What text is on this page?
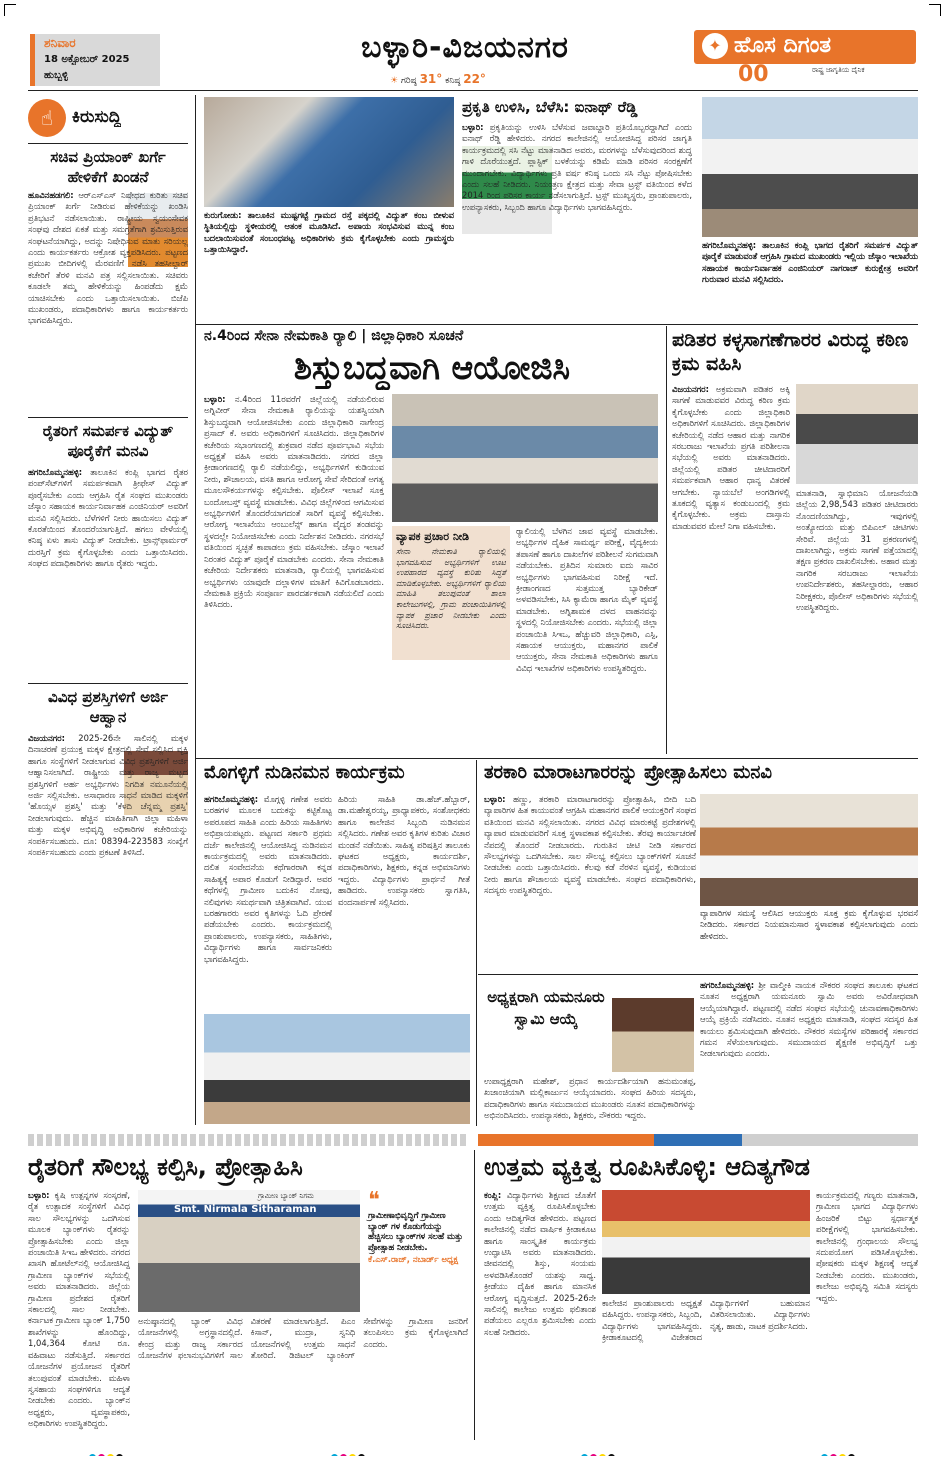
ಶನಿವಾರ
18 ಅಕ್ಟೋಬರ್ 2025
ಹುಬ್ಬಳ್ಳಿ
ಬಳ್ಳಾರಿ-ವಿಜಯನಗರ
☀ ಗರಿಷ್ಠ 31° ಕನಿಷ್ಠ 22°
✦ ಹೊಸ ದಿಗಂತ
ರಾಷ್ಟ್ರ ಜಾಗೃತಿಯ ದೈನಿಕ
00
☝	ಕಿರುಸುದ್ದಿ
ಸಚಿವ ಪ್ರಿಯಾಂಕ್ ಖರ್ಗೆ ಹೇಳಿಕೆಗೆ ಖಂಡನೆ
ಹೂವಿನಹಡಗಲಿ: ಆರ್‌ಎಸ್‌ಎಸ್ ನಿಷೇಧದ ಕುರಿತು ಸಚಿವ ಪ್ರಿಯಾಂಕ್ ಖರ್ಗೆ ನೀಡಿರುವ ಹೇಳಿಕೆಯನ್ನು ಖಂಡಿಸಿ ಪ್ರತಿಭಟನೆ ನಡೆಸಲಾಯಿತು. ರಾಷ್ಟ್ರೀಯ ಸ್ವಯಂಸೇವಕ ಸಂಘವು ದೇಶದ ಏಕತೆ ಮತ್ತು ಸಮಗ್ರತೆಗಾಗಿ ಶ್ರಮಿಸುತ್ತಿರುವ ಸಂಘಟನೆಯಾಗಿದ್ದು, ಅದನ್ನು ನಿಷೇಧಿಸುವ ಮಾತು ಸರಿಯಲ್ಲ ಎಂದು ಕಾರ್ಯಕರ್ತರು ಆಕ್ರೋಶ ವ್ಯಕ್ತಪಡಿಸಿದರು. ಪಟ್ಟಣದ ಪ್ರಮುಖ ಬೀದಿಗಳಲ್ಲಿ ಮೆರವಣಿಗೆ ನಡೆಸಿ ತಹಸೀಲ್ದಾರ್ ಕಚೇರಿಗೆ ತೆರಳಿ ಮನವಿ ಪತ್ರ ಸಲ್ಲಿಸಲಾಯಿತು. ಸಚಿವರು ಕೂಡಲೇ ತಮ್ಮ ಹೇಳಿಕೆಯನ್ನು ಹಿಂಪಡೆದು ಕ್ಷಮೆ ಯಾಚಿಸಬೇಕು ಎಂದು ಒತ್ತಾಯಿಸಲಾಯಿತು. ಬಿಜೆಪಿ ಮುಖಂಡರು, ಪದಾಧಿಕಾರಿಗಳು ಹಾಗೂ ಕಾರ್ಯಕರ್ತರು ಭಾಗವಹಿಸಿದ್ದರು.
ರೈತರಿಗೆ ಸಮರ್ಪಕ ವಿದ್ಯುತ್ ಪೂರೈಕೆಗೆ ಮನವಿ
ಹಗರಿಬೊಮ್ಮನಹಳ್ಳಿ: ತಾಲೂಕಿನ ಕಂಪ್ಲಿ ಭಾಗದ ರೈತರ ಪಂಪ್‌ಸೆಟ್‌ಗಳಿಗೆ ಸಮರ್ಪಕವಾಗಿ ತ್ರೀಫೇಸ್ ವಿದ್ಯುತ್ ಪೂರೈಸಬೇಕು ಎಂದು ಆಗ್ರಹಿಸಿ ರೈತ ಸಂಘದ ಮುಖಂಡರು ಜೆಸ್ಕಾಂ ಸಹಾಯಕ ಕಾರ್ಯನಿರ್ವಾಹಕ ಎಂಜಿನಿಯರ್ ಅವರಿಗೆ ಮನವಿ ಸಲ್ಲಿಸಿದರು. ಬೆಳೆಗಳಿಗೆ ನೀರು ಹಾಯಿಸಲು ವಿದ್ಯುತ್ ಕೊರತೆಯಿಂದ ತೊಂದರೆಯಾಗುತ್ತಿದೆ. ಹಗಲು ವೇಳೆಯಲ್ಲಿ ಕನಿಷ್ಠ ಏಳು ತಾಸು ವಿದ್ಯುತ್ ನೀಡಬೇಕು. ಟ್ರಾನ್ಸ್‌ಫಾರ್ಮರ್ ದುರಸ್ತಿಗೆ ಕ್ರಮ ಕೈಗೊಳ್ಳಬೇಕು ಎಂದು ಒತ್ತಾಯಿಸಿದರು. ಸಂಘದ ಪದಾಧಿಕಾರಿಗಳು ಹಾಗೂ ರೈತರು ಇದ್ದರು.
ವಿವಿಧ ಪ್ರಶಸ್ತಿಗಳಿಗೆ ಅರ್ಜಿ ಆಹ್ವಾನ
ವಿಜಯನಗರ: 2025-26ನೇ ಸಾಲಿನಲ್ಲಿ ಮಕ್ಕಳ ದಿನಾಚರಣೆ ಪ್ರಯುಕ್ತ ಮಕ್ಕಳ ಕ್ಷೇತ್ರದಲ್ಲಿ ಸೇವೆ ಸಲ್ಲಿಸಿದ ವ್ಯಕ್ತಿ ಹಾಗೂ ಸಂಸ್ಥೆಗಳಿಗೆ ನೀಡಲಾಗುವ ವಿವಿಧ ಪ್ರಶಸ್ತಿಗಳಿಗೆ ಅರ್ಜಿ ಆಹ್ವಾನಿಸಲಾಗಿದೆ. ರಾಷ್ಟ್ರೀಯ ಮತ್ತು ರಾಜ್ಯ ಮಟ್ಟದ ಪ್ರಶಸ್ತಿಗಳಿಗೆ ಅರ್ಹ ಅಭ್ಯರ್ಥಿಗಳು ನಿಗದಿತ ನಮೂನೆಯಲ್ಲಿ ಅರ್ಜಿ ಸಲ್ಲಿಸಬೇಕು. ಅಸಾಧಾರಣ ಸಾಧನೆ ಮಾಡಿದ ಮಕ್ಕಳಿಗೆ 'ಹೊಯ್ಸಳ ಪ್ರಶಸ್ತಿ' ಮತ್ತು 'ಕೆಳದಿ ಚೆನ್ನಮ್ಮ ಪ್ರಶಸ್ತಿ' ನೀಡಲಾಗುವುದು. ಹೆಚ್ಚಿನ ಮಾಹಿತಿಗಾಗಿ ಜಿಲ್ಲಾ ಮಹಿಳಾ ಮತ್ತು ಮಕ್ಕಳ ಅಭಿವೃದ್ಧಿ ಅಧಿಕಾರಿಗಳ ಕಚೇರಿಯನ್ನು ಸಂಪರ್ಕಿಸಬಹುದು. ದೂ: 08394-223583 ಸಂಖ್ಯೆಗೆ ಸಂಪರ್ಕಿಸಬಹುದು ಎಂದು ಪ್ರಕಟಣೆ ತಿಳಿಸಿದೆ.
ಕುರುಗೋಡು: ತಾಲೂಕಿನ ಮುಷ್ಟಗಟ್ಟೆ ಗ್ರಾಮದ ರಸ್ತೆ ಪಕ್ಕದಲ್ಲಿ ವಿದ್ಯುತ್ ಕಂಬ ಬೀಳುವ ಸ್ಥಿತಿಯಲ್ಲಿದ್ದು ಸ್ಥಳೀಯರಲ್ಲಿ ಆತಂಕ ಮೂಡಿಸಿದೆ. ಅಪಾಯ ಸಂಭವಿಸುವ ಮುನ್ನ ಕಂಬ ಬದಲಾಯಿಸುವಂತೆ ಸಂಬಂಧಪಟ್ಟ ಅಧಿಕಾರಿಗಳು ಕ್ರಮ ಕೈಗೊಳ್ಳಬೇಕು ಎಂದು ಗ್ರಾಮಸ್ಥರು ಒತ್ತಾಯಿಸಿದ್ದಾರೆ.
ಪ್ರಕೃತಿ ಉಳಿಸಿ, ಬೆಳೆಸಿ: ಐನಾಥ್ ರೆಡ್ಡಿ
ಬಳ್ಳಾರಿ: ಪ್ರಕೃತಿಯನ್ನು ಉಳಿಸಿ ಬೆಳೆಸುವ ಜವಾಬ್ದಾರಿ ಪ್ರತಿಯೊಬ್ಬರದ್ದಾಗಿದೆ ಎಂದು ಐನಾಥ್ ರೆಡ್ಡಿ ಹೇಳಿದರು. ನಗರದ ಕಾಲೇಜಿನಲ್ಲಿ ಆಯೋಜಿಸಿದ್ದ ಪರಿಸರ ಜಾಗೃತಿ ಕಾರ್ಯಕ್ರಮದಲ್ಲಿ ಸಸಿ ನೆಟ್ಟು ಮಾತನಾಡಿದ ಅವರು, ಮರಗಳನ್ನು ಬೆಳೆಸುವುದರಿಂದ ಶುದ್ಧ ಗಾಳಿ ದೊರೆಯುತ್ತದೆ. ಪ್ಲಾಸ್ಟಿಕ್ ಬಳಕೆಯನ್ನು ಕಡಿಮೆ ಮಾಡಿ ಪರಿಸರ ಸಂರಕ್ಷಣೆಗೆ ಮುಂದಾಗಬೇಕು. ವಿದ್ಯಾರ್ಥಿಗಳು ಪ್ರತಿ ವರ್ಷ ಕನಿಷ್ಠ ಒಂದು ಸಸಿ ನೆಟ್ಟು ಪೋಷಿಸಬೇಕು ಎಂದು ಸಲಹೆ ನೀಡಿದರು. ನಿಯಂತ್ರಣ ಕ್ಷೇತ್ರದ ಮತ್ತು ಸೇವಾ ಟ್ರಸ್ಟ್ ವತಿಯಿಂದ ಕಳೆದ 2014 ರಿಂದ ಪರಿಸರ ಕಾರ್ಯ ನಡೆಸಲಾಗುತ್ತಿದೆ. ಟ್ರಸ್ಟ್ ಮುಖ್ಯಸ್ಥರು, ಪ್ರಾಂಶುಪಾಲರು, ಉಪನ್ಯಾಸಕರು, ಸಿಬ್ಬಂದಿ ಹಾಗೂ ವಿದ್ಯಾರ್ಥಿಗಳು ಭಾಗವಹಿಸಿದ್ದರು.
ಹಗರಿಬೊಮ್ಮನಹಳ್ಳಿ: ತಾಲೂಕಿನ ಕಂಪ್ಲಿ ಭಾಗದ ರೈತರಿಗೆ ಸಮರ್ಪಕ ವಿದ್ಯುತ್ ಪೂರೈಕೆ ಮಾಡುವಂತೆ ಆಗ್ರಹಿಸಿ ಗ್ರಾಮದ ಮುಖಂಡರು ಇಲ್ಲಿಯ ಜೆಸ್ಕಾಂ ಇಲಾಖೆಯ ಸಹಾಯಕ ಕಾರ್ಯನಿರ್ವಾಹಕ ಎಂಜಿನಿಯರ್ ನಾಗರಾಜ್ ಕುರುಕ್ಷೇತ್ರ ಅವರಿಗೆ ಗುರುವಾರ ಮನವಿ ಸಲ್ಲಿಸಿದರು.
ನ.4ರಿಂದ ಸೇನಾ ನೇಮಕಾತಿ ರ್‍ಯಾಲಿ | ಜಿಲ್ಲಾಧಿಕಾರಿ ಸೂಚನೆ
ಶಿಸ್ತುಬದ್ಧವಾಗಿ ಆಯೋಜಿಸಿ
ಬಳ್ಳಾರಿ: ನ.4ರಿಂದ 11ರವರೆಗೆ ಜಿಲ್ಲೆಯಲ್ಲಿ ನಡೆಯಲಿರುವ ಅಗ್ನಿವೀರ್ ಸೇನಾ ನೇಮಕಾತಿ ರ್‍ಯಾಲಿಯನ್ನು ಯಶಸ್ವಿಯಾಗಿ ಶಿಸ್ತುಬದ್ಧವಾಗಿ ಆಯೋಜಿಸಬೇಕು ಎಂದು ಜಿಲ್ಲಾಧಿಕಾರಿ ನಾಗೇಂದ್ರ ಪ್ರಸಾದ್ ಕೆ. ಅವರು ಅಧಿಕಾರಿಗಳಿಗೆ ಸೂಚಿಸಿದರು. ಜಿಲ್ಲಾಧಿಕಾರಿಗಳ ಕಚೇರಿಯ ಸಭಾಂಗಣದಲ್ಲಿ ಶುಕ್ರವಾರ ನಡೆದ ಪೂರ್ವಭಾವಿ ಸಭೆಯ ಅಧ್ಯಕ್ಷತೆ ವಹಿಸಿ ಅವರು ಮಾತನಾಡಿದರು. ನಗರದ ಜಿಲ್ಲಾ ಕ್ರೀಡಾಂಗಣದಲ್ಲಿ ರ್‍ಯಾಲಿ ನಡೆಯಲಿದ್ದು, ಅಭ್ಯರ್ಥಿಗಳಿಗೆ ಕುಡಿಯುವ ನೀರು, ಶೌಚಾಲಯ, ವಸತಿ ಹಾಗೂ ಆರೋಗ್ಯ ಸೇವೆ ಸೇರಿದಂತೆ ಅಗತ್ಯ ಮೂಲಸೌಕರ್ಯಗಳನ್ನು ಕಲ್ಪಿಸಬೇಕು. ಪೊಲೀಸ್ ಇಲಾಖೆ ಸೂಕ್ತ ಬಂದೋಬಸ್ತ್ ವ್ಯವಸ್ಥೆ ಮಾಡಬೇಕು. ವಿವಿಧ ಜಿಲ್ಲೆಗಳಿಂದ ಆಗಮಿಸುವ ಅಭ್ಯರ್ಥಿಗಳಿಗೆ ತೊಂದರೆಯಾಗದಂತೆ ಸಾರಿಗೆ ವ್ಯವಸ್ಥೆ ಕಲ್ಪಿಸಬೇಕು. ಆರೋಗ್ಯ ಇಲಾಖೆಯು ಆಂಬುಲೆನ್ಸ್ ಹಾಗೂ ವೈದ್ಯರ ತಂಡವನ್ನು ಸ್ಥಳದಲ್ಲೇ ನಿಯೋಜಿಸಬೇಕು ಎಂದು ನಿರ್ದೇಶನ ನೀಡಿದರು. ನಗರಸಭೆ ವತಿಯಿಂದ ಸ್ವಚ್ಛತೆ ಕಾಪಾಡಲು ಕ್ರಮ ವಹಿಸಬೇಕು. ಜೆಸ್ಕಾಂ ಇಲಾಖೆ ನಿರಂತರ ವಿದ್ಯುತ್ ಪೂರೈಕೆ ಮಾಡಬೇಕು ಎಂದರು. ಸೇನಾ ನೇಮಕಾತಿ ಕಚೇರಿಯ ನಿರ್ದೇಶಕರು ಮಾತನಾಡಿ, ರ್‍ಯಾಲಿಯಲ್ಲಿ ಭಾಗವಹಿಸುವ ಅಭ್ಯರ್ಥಿಗಳು ಯಾವುದೇ ದಲ್ಲಾಳಿಗಳ ಮಾತಿಗೆ ಕಿವಿಗೊಡಬಾರದು. ನೇಮಕಾತಿ ಪ್ರಕ್ರಿಯೆ ಸಂಪೂರ್ಣ ಪಾರದರ್ಶಕವಾಗಿ ನಡೆಯಲಿದೆ ಎಂದು ತಿಳಿಸಿದರು.
ವ್ಯಾಪಕ ಪ್ರಚಾರ ನೀಡಿ
ಸೇನಾ ನೇಮಕಾತಿ ರ್‍ಯಾಲಿಯಲ್ಲಿ ಭಾಗವಹಿಸುವ ಅಭ್ಯರ್ಥಿಗಳಿಗೆ ಊಟ ಉಪಹಾರದ ವ್ಯವಸ್ಥೆ ಕುರಿತು ಸಿದ್ಧತೆ ಮಾಡಿಕೊಳ್ಳಬೇಕು. ಅಭ್ಯರ್ಥಿಗಳಿಗೆ ರ್‍ಯಾಲಿಯ ಮಾಹಿತಿ ತಲುಪುವಂತೆ ಶಾಲಾ ಕಾಲೇಜುಗಳಲ್ಲಿ, ಗ್ರಾಮ ಪಂಚಾಯಿತಿಗಳಲ್ಲಿ ವ್ಯಾಪಕ ಪ್ರಚಾರ ನೀಡಬೇಕು ಎಂದು ಸೂಚಿಸಿದರು.
ರ್‍ಯಾಲಿಯಲ್ಲಿ ಬೆಳಗಿನ ಜಾವ ವ್ಯವಸ್ಥೆ ಮಾಡಬೇಕು. ಅಭ್ಯರ್ಥಿಗಳ ದೈಹಿಕ ಸಾಮರ್ಥ್ಯ ಪರೀಕ್ಷೆ, ವೈದ್ಯಕೀಯ ತಪಾಸಣೆ ಹಾಗೂ ದಾಖಲೆಗಳ ಪರಿಶೀಲನೆ ಸುಗಮವಾಗಿ ನಡೆಯಬೇಕು. ಪ್ರತಿದಿನ ಸುಮಾರು ಐದು ಸಾವಿರ ಅಭ್ಯರ್ಥಿಗಳು ಭಾಗವಹಿಸುವ ನಿರೀಕ್ಷೆ ಇದೆ. ಕ್ರೀಡಾಂಗಣದ ಸುತ್ತಮುತ್ತ ಬ್ಯಾರಿಕೇಡ್ ಅಳವಡಿಸಬೇಕು, ಸಿಸಿ ಕ್ಯಾಮೆರಾ ಹಾಗೂ ಮೈಕ್ ವ್ಯವಸ್ಥೆ ಮಾಡಬೇಕು. ಅಗ್ನಿಶಾಮಕ ದಳದ ವಾಹನವನ್ನು ಸ್ಥಳದಲ್ಲಿ ನಿಯೋಜಿಸಬೇಕು ಎಂದರು. ಸಭೆಯಲ್ಲಿ ಜಿಲ್ಲಾ ಪಂಚಾಯಿತಿ ಸಿಇಒ, ಹೆಚ್ಚುವರಿ ಜಿಲ್ಲಾಧಿಕಾರಿ, ಎಸ್ಪಿ, ಸಹಾಯಕ ಆಯುಕ್ತರು, ಮಹಾನಗರ ಪಾಲಿಕೆ ಆಯುಕ್ತರು, ಸೇನಾ ನೇಮಕಾತಿ ಅಧಿಕಾರಿಗಳು ಹಾಗೂ ವಿವಿಧ ಇಲಾಖೆಗಳ ಅಧಿಕಾರಿಗಳು ಉಪಸ್ಥಿತರಿದ್ದರು.
ಪಡಿತರ ಕಳ್ಳಸಾಗಣೆಗಾರರ ವಿರುದ್ಧ ಕಠಿಣ ಕ್ರಮ ವಹಿಸಿ
ವಿಜಯನಗರ: ಅಕ್ರಮವಾಗಿ ಪಡಿತರ ಅಕ್ಕಿ ಸಾಗಣೆ ಮಾಡುವವರ ವಿರುದ್ಧ ಕಠಿಣ ಕ್ರಮ ಕೈಗೊಳ್ಳಬೇಕು ಎಂದು ಜಿಲ್ಲಾಧಿಕಾರಿ ಅಧಿಕಾರಿಗಳಿಗೆ ಸೂಚಿಸಿದರು. ಜಿಲ್ಲಾಧಿಕಾರಿಗಳ ಕಚೇರಿಯಲ್ಲಿ ನಡೆದ ಆಹಾರ ಮತ್ತು ನಾಗರಿಕ ಸರಬರಾಜು ಇಲಾಖೆಯ ಪ್ರಗತಿ ಪರಿಶೀಲನಾ ಸಭೆಯಲ್ಲಿ ಅವರು ಮಾತನಾಡಿದರು. ಜಿಲ್ಲೆಯಲ್ಲಿ ಪಡಿತರ ಚೀಟಿದಾರರಿಗೆ ಸಮರ್ಪಕವಾಗಿ ಆಹಾರ ಧಾನ್ಯ ವಿತರಣೆ ಆಗಬೇಕು. ನ್ಯಾಯಬೆಲೆ ಅಂಗಡಿಗಳಲ್ಲಿ ತೂಕದಲ್ಲಿ ವ್ಯತ್ಯಾಸ ಕಂಡುಬಂದಲ್ಲಿ ಕ್ರಮ ಕೈಗೊಳ್ಳಬೇಕು. ಅಕ್ರಮ ದಾಸ್ತಾನು ಮಾಡುವವರ ಮೇಲೆ ನಿಗಾ ವಹಿಸಬೇಕು.
ಮಾತನಾಡಿ, ಸ್ವಾಭಿಮಾನಿ ಯೋಜನೆಯಡಿ ಜಿಲ್ಲೆಯ 2,98,543 ಪಡಿತರ ಚೀಟಿದಾರರು ನೊಂದಣಿಯಾಗಿದ್ದು, ಇವುಗಳಲ್ಲಿ ಅಂತ್ಯೋದಯ ಮತ್ತು ಬಿಪಿಎಲ್ ಚೀಟಿಗಳು ಸೇರಿವೆ. ಜಿಲ್ಲೆಯ 31 ಪ್ರಕರಣಗಳಲ್ಲಿ ದಾಖಲಾಗಿದ್ದು, ಅಕ್ರಮ ಸಾಗಣೆ ಪತ್ತೆಯಾದಲ್ಲಿ ತಕ್ಷಣ ಪ್ರಕರಣ ದಾಖಲಿಸಬೇಕು. ಅಹಾರ ಮತ್ತು ನಾಗರಿಕ ಸರಬರಾಜು ಇಲಾಖೆಯ ಉಪನಿರ್ದೇಶಕರು, ತಹಸೀಲ್ದಾರರು, ಆಹಾರ ನಿರೀಕ್ಷಕರು, ಪೊಲೀಸ್ ಅಧಿಕಾರಿಗಳು ಸಭೆಯಲ್ಲಿ ಉಪಸ್ಥಿತರಿದ್ದರು.
ಮೊಗಳ್ಳಿಗೆ ನುಡಿನಮನ ಕಾರ್ಯಕ್ರಮ
ಹಗರಿಬೊಮ್ಮನಹಳ್ಳಿ: ಮೊಗ್ಗಳ್ಳಿ ಗಣೇಶ ಅವರು ಬರಹಗಳ ಮೂಲಕ ಬದುಕನ್ನು ಕಟ್ಟಿಕೊಟ್ಟ ಅಪರೂಪದ ಸಾಹಿತಿ ಎಂದು ಹಿರಿಯ ಸಾಹಿತಿಗಳು ಅಭಿಪ್ರಾಯಪಟ್ಟರು. ಪಟ್ಟಣದ ಸರ್ಕಾರಿ ಪ್ರಥಮ ದರ್ಜೆ ಕಾಲೇಜಿನಲ್ಲಿ ಆಯೋಜಿಸಿದ್ದ ನುಡಿನಮನ ಕಾರ್ಯಕ್ರಮದಲ್ಲಿ ಅವರು ಮಾತನಾಡಿದರು. ದಲಿತ ಸಂವೇದನೆಯ ಕಥೆಗಾರರಾಗಿ ಕನ್ನಡ ಸಾಹಿತ್ಯಕ್ಕೆ ಅಪಾರ ಕೊಡುಗೆ ನೀಡಿದ್ದಾರೆ. ಅವರ ಕಥೆಗಳಲ್ಲಿ ಗ್ರಾಮೀಣ ಬದುಕಿನ ನೋವು, ನಲಿವುಗಳು ಸಮರ್ಥವಾಗಿ ಚಿತ್ರಿತವಾಗಿವೆ. ಯುವ ಬರಹಗಾರರು ಅವರ ಕೃತಿಗಳನ್ನು ಓದಿ ಪ್ರೇರಣೆ ಪಡೆಯಬೇಕು ಎಂದರು. ಕಾರ್ಯಕ್ರಮದಲ್ಲಿ ಪ್ರಾಂಶುಪಾಲರು, ಉಪನ್ಯಾಸಕರು, ಸಾಹಿತಿಗಳು, ವಿದ್ಯಾರ್ಥಿಗಳು ಹಾಗೂ ಸಾರ್ವಜನಿಕರು ಭಾಗವಹಿಸಿದ್ದರು.
ಹಿರಿಯ ಸಾಹಿತಿ ಡಾ.ಹೆಚ್.ಹೆಬ್ಬಾರ್, ಡಾ.ಮಹೇಶ್ವರಯ್ಯ, ಪ್ರಾಧ್ಯಾಪಕರು, ಸಂಶೋಧಕರು ಹಾಗೂ ಕಾಲೇಜಿನ ಸಿಬ್ಬಂದಿ ನುಡಿನಮನ ಸಲ್ಲಿಸಿದರು. ಗಣೇಶ ಅವರ ಕೃತಿಗಳ ಕುರಿತು ವಿಚಾರ ಮಂಡನೆ ನಡೆಯಿತು. ಸಾಹಿತ್ಯ ಪರಿಷತ್ತಿನ ತಾಲೂಕು ಘಟಕದ ಅಧ್ಯಕ್ಷರು, ಕಾರ್ಯದರ್ಶಿ, ಪದಾಧಿಕಾರಿಗಳು, ಶಿಕ್ಷಕರು, ಕನ್ನಡ ಅಭಿಮಾನಿಗಳು ಇದ್ದರು. ವಿದ್ಯಾರ್ಥಿಗಳು ಪ್ರಾರ್ಥನೆ ಗೀತೆ ಹಾಡಿದರು. ಉಪನ್ಯಾಸಕರು ಸ್ವಾಗತಿಸಿ, ವಂದನಾರ್ಪಣೆ ಸಲ್ಲಿಸಿದರು.
ತರಕಾರಿ ಮಾರಾಟಗಾರರನ್ನು ಪ್ರೋತ್ಸಾಹಿಸಲು ಮನವಿ
ಬಳ್ಳಾರಿ: ಹಣ್ಣು, ತರಕಾರಿ ಮಾರಾಟಗಾರರನ್ನು ಪ್ರೋತ್ಸಾಹಿಸಿ, ಬೀದಿ ಬದಿ ವ್ಯಾಪಾರಿಗಳ ಹಿತ ಕಾಯುವಂತೆ ಆಗ್ರಹಿಸಿ ಮಹಾನಗರ ಪಾಲಿಕೆ ಆಯುಕ್ತರಿಗೆ ಸಂಘದ ವತಿಯಿಂದ ಮನವಿ ಸಲ್ಲಿಸಲಾಯಿತು. ನಗರದ ವಿವಿಧ ಮಾರುಕಟ್ಟೆ ಪ್ರದೇಶಗಳಲ್ಲಿ ವ್ಯಾಪಾರ ಮಾಡುವವರಿಗೆ ಸೂಕ್ತ ಸ್ಥಳಾವಕಾಶ ಕಲ್ಪಿಸಬೇಕು. ತೆರವು ಕಾರ್ಯಾಚರಣೆ ನೆಪದಲ್ಲಿ ತೊಂದರೆ ನೀಡಬಾರದು. ಗುರುತಿನ ಚೀಟಿ ನೀಡಿ ಸರ್ಕಾರದ ಸೌಲಭ್ಯಗಳನ್ನು ಒದಗಿಸಬೇಕು. ಸಾಲ ಸೌಲಭ್ಯ ಕಲ್ಪಿಸಲು ಬ್ಯಾಂಕ್‌ಗಳಿಗೆ ಸೂಚನೆ ನೀಡಬೇಕು ಎಂದು ಒತ್ತಾಯಿಸಿದರು. ಕೆಲವು ಕಡೆ ನೆರಳಿನ ವ್ಯವಸ್ಥೆ, ಕುಡಿಯುವ ನೀರು ಹಾಗೂ ಶೌಚಾಲಯ ವ್ಯವಸ್ಥೆ ಮಾಡಬೇಕು. ಸಂಘದ ಪದಾಧಿಕಾರಿಗಳು, ಸದಸ್ಯರು ಉಪಸ್ಥಿತರಿದ್ದರು.
ವ್ಯಾಪಾರಿಗಳ ಸಮಸ್ಯೆ ಆಲಿಸಿದ ಆಯುಕ್ತರು ಸೂಕ್ತ ಕ್ರಮ ಕೈಗೊಳ್ಳುವ ಭರವಸೆ ನೀಡಿದರು. ಸರ್ಕಾರದ ನಿಯಮಾನುಸಾರ ಸ್ಥಳಾವಕಾಶ ಕಲ್ಪಿಸಲಾಗುವುದು ಎಂದು ಹೇಳಿದರು.
ಅಧ್ಯಕ್ಷರಾಗಿ ಯಮನೂರು ಸ್ವಾಮಿ ಆಯ್ಕೆ
ಹಗರಿಬೊಮ್ಮನಹಳ್ಳಿ: ಶ್ರೀ ವಾಲ್ಮೀಕಿ ನಾಯಕ ನೌಕರರ ಸಂಘದ ತಾಲೂಕು ಘಟಕದ ನೂತನ ಅಧ್ಯಕ್ಷರಾಗಿ ಯಮನೂರು ಸ್ವಾಮಿ ಅವರು ಅವಿರೋಧವಾಗಿ ಆಯ್ಕೆಯಾಗಿದ್ದಾರೆ. ಪಟ್ಟಣದಲ್ಲಿ ನಡೆದ ಸಂಘದ ಸಭೆಯಲ್ಲಿ ಚುನಾವಣಾಧಿಕಾರಿಗಳು ಆಯ್ಕೆ ಪ್ರಕ್ರಿಯೆ ನಡೆಸಿದರು. ನೂತನ ಅಧ್ಯಕ್ಷರು ಮಾತನಾಡಿ, ಸಂಘದ ಸದಸ್ಯರ ಹಿತ ಕಾಯಲು ಶ್ರಮಿಸುವುದಾಗಿ ಹೇಳಿದರು. ನೌಕರರ ಸಮಸ್ಯೆಗಳ ಪರಿಹಾರಕ್ಕೆ ಸರ್ಕಾರದ ಗಮನ ಸೆಳೆಯಲಾಗುವುದು. ಸಮುದಾಯದ ಶೈಕ್ಷಣಿಕ ಅಭಿವೃದ್ಧಿಗೆ ಒತ್ತು ನೀಡಲಾಗುವುದು ಎಂದರು.
ಉಪಾಧ್ಯಕ್ಷರಾಗಿ ಮಹೇಶ್, ಪ್ರಧಾನ ಕಾರ್ಯದರ್ಶಿಯಾಗಿ ಹನುಮಂತಪ್ಪ, ಖಜಾಂಚಿಯಾಗಿ ಮಲ್ಲಿಕಾರ್ಜುನ ಆಯ್ಕೆಯಾದರು. ಸಂಘದ ಹಿರಿಯ ಸದಸ್ಯರು, ಪದಾಧಿಕಾರಿಗಳು ಹಾಗೂ ಸಮುದಾಯದ ಮುಖಂಡರು ನೂತನ ಪದಾಧಿಕಾರಿಗಳನ್ನು ಅಭಿನಂದಿಸಿದರು. ಉಪನ್ಯಾಸಕರು, ಶಿಕ್ಷಕರು, ನೌಕರರು ಇದ್ದರು.
ರೈತರಿಗೆ ಸೌಲಭ್ಯ ಕಲ್ಪಿಸಿ, ಪ್ರೋತ್ಸಾಹಿಸಿ
ಬಳ್ಳಾರಿ: ಕೃಷಿ ಉತ್ಪನ್ನಗಳ ಸಂಸ್ಕರಣೆ, ರೈತ ಉತ್ಪಾದಕ ಸಂಸ್ಥೆಗಳಿಗೆ ವಿವಿಧ ಸಾಲ ಸೌಲಭ್ಯಗಳನ್ನು ಒದಗಿಸುವ ಮೂಲಕ ಬ್ಯಾಂಕ್‌ಗಳು ರೈತರನ್ನು ಪ್ರೋತ್ಸಾಹಿಸಬೇಕು ಎಂದು ಜಿಲ್ಲಾ ಪಂಚಾಯಿತಿ ಸಿಇಒ ಹೇಳಿದರು. ನಗರದ ಖಾಸಗಿ ಹೋಟೆಲ್‌ನಲ್ಲಿ ಆಯೋಜಿಸಿದ್ದ ಗ್ರಾಮೀಣ ಬ್ಯಾಂಕ್‌ಗಳ ಸಭೆಯಲ್ಲಿ ಅವರು ಮಾತನಾಡಿದರು. ಜಿಲ್ಲೆಯ ಗ್ರಾಮೀಣ ಪ್ರದೇಶದ ರೈತರಿಗೆ ಸಕಾಲದಲ್ಲಿ ಸಾಲ ನೀಡಬೇಕು. ಕರ್ನಾಟಕ ಗ್ರಾಮೀಣ ಬ್ಯಾಂಕ್ 1,750 ಶಾಖೆಗಳನ್ನು ಹೊಂದಿದ್ದು, 1,04,364 ಕೋಟಿ ರೂ. ವಹಿವಾಟು ನಡೆಸುತ್ತಿದೆ. ಸರ್ಕಾರದ ಯೋಜನೆಗಳ ಪ್ರಯೋಜನ ರೈತರಿಗೆ ತಲುಪುವಂತೆ ಮಾಡಬೇಕು. ಮಹಿಳಾ ಸ್ವಸಹಾಯ ಸಂಘಗಳಿಗೂ ಆದ್ಯತೆ ನೀಡಬೇಕು ಎಂದರು. ಬ್ಯಾಂಕ್‌ನ ಅಧ್ಯಕ್ಷರು, ವ್ಯವಸ್ಥಾಪಕರು, ಅಧಿಕಾರಿಗಳು ಉಪಸ್ಥಿತರಿದ್ದರು.
Smt. Nirmala Sitharaman
ಗ್ರಾಮೀಣ ಬ್ಯಾಂಕ್ ನಿಗಮ ❝
ಗ್ರಾಮೀಣಾಭಿವೃದ್ಧಿಗೆ ಗ್ರಾಮೀಣ ಬ್ಯಾಂಕ್ ಗಳ ಕೊಡುಗೆಯನ್ನು ಹೆಚ್ಚಿಸಲು ಬ್ಯಾಂಕ್‌ಗಳ ಸಲಹೆ ಮತ್ತು ಪ್ರೋತ್ಸಾಹ ನೀಡಬೇಕು.
ಕೆ.ಎಸ್.ರಾಜ್, ನಬಾರ್ಡ್ ಅಧ್ಯಕ್ಷ
ಅನುಷ್ಠಾನದಲ್ಲಿ ಬ್ಯಾಂಕ್ ವಿವಿಧ ಯೋಜನೆಗಳಲ್ಲಿ ಅಗ್ರಸ್ಥಾನದಲ್ಲಿದೆ. ಕೇಂದ್ರ ಮತ್ತು ರಾಜ್ಯ ಸರ್ಕಾರದ ಯೋಜನೆಗಳ ಫಲಾನುಭವಿಗಳಿಗೆ ಸಾಲ ವಿತರಣೆ ಮಾಡಲಾಗುತ್ತಿದೆ. ಪಿಎಂ ಕಿಸಾನ್, ಮುದ್ರಾ, ಸ್ವನಿಧಿ ಯೋಜನೆಗಳಲ್ಲಿ ಉತ್ತಮ ಸಾಧನೆ ತೋರಿದೆ. ಡಿಜಿಟಲ್ ಬ್ಯಾಂಕಿಂಗ್ ಸೇವೆಗಳನ್ನು ಗ್ರಾಮೀಣ ಜನರಿಗೆ ತಲುಪಿಸಲು ಕ್ರಮ ಕೈಗೊಳ್ಳಲಾಗಿದೆ ಎಂದರು.
ಉತ್ತಮ ವ್ಯಕ್ತಿತ್ವ ರೂಪಿಸಿಕೊಳ್ಳಿ: ಆದಿತ್ಯಗೌಡ
ಕಂಪ್ಲಿ: ವಿದ್ಯಾರ್ಥಿಗಳು ಶಿಕ್ಷಣದ ಜೊತೆಗೆ ಉತ್ತಮ ವ್ಯಕ್ತಿತ್ವ ರೂಪಿಸಿಕೊಳ್ಳಬೇಕು ಎಂದು ಆದಿತ್ಯಗೌಡ ಹೇಳಿದರು. ಪಟ್ಟಣದ ಕಾಲೇಜಿನಲ್ಲಿ ನಡೆದ ವಾರ್ಷಿಕ ಕ್ರೀಡಾಕೂಟ ಹಾಗೂ ಸಾಂಸ್ಕೃತಿಕ ಕಾರ್ಯಕ್ರಮ ಉದ್ಘಾಟಿಸಿ ಅವರು ಮಾತನಾಡಿದರು. ಜೀವನದಲ್ಲಿ ಶಿಸ್ತು, ಸಂಯಮ ಅಳವಡಿಸಿಕೊಂಡರೆ ಯಶಸ್ಸು ಸಾಧ್ಯ. ಕ್ರೀಡೆಯು ದೈಹಿಕ ಹಾಗೂ ಮಾನಸಿಕ ಆರೋಗ್ಯ ವೃದ್ಧಿಸುತ್ತದೆ. 2025-26ನೇ ಸಾಲಿನಲ್ಲಿ ಕಾಲೇಜು ಉತ್ತಮ ಫಲಿತಾಂಶ ಪಡೆಯಲು ಎಲ್ಲರೂ ಶ್ರಮಿಸಬೇಕು ಎಂದು ಸಲಹೆ ನೀಡಿದರು.
ಕಾಲೇಜಿನ ಪ್ರಾಂಶುಪಾಲರು ಅಧ್ಯಕ್ಷತೆ ವಹಿಸಿದ್ದರು. ಉಪನ್ಯಾಸಕರು, ಸಿಬ್ಬಂದಿ, ವಿದ್ಯಾರ್ಥಿಗಳು ಭಾಗವಹಿಸಿದ್ದರು. ಕ್ರೀಡಾಕೂಟದಲ್ಲಿ ವಿಜೇತರಾದ ವಿದ್ಯಾರ್ಥಿಗಳಿಗೆ ಬಹುಮಾನ ವಿತರಿಸಲಾಯಿತು. ವಿದ್ಯಾರ್ಥಿಗಳು ನೃತ್ಯ, ಹಾಡು, ನಾಟಕ ಪ್ರದರ್ಶಿಸಿದರು.
ಕಾರ್ಯಕ್ರಮದಲ್ಲಿ ಗಣ್ಯರು ಮಾತನಾಡಿ, ಗ್ರಾಮೀಣ ಭಾಗದ ವಿದ್ಯಾರ್ಥಿಗಳು ಹಿಂಜರಿಕೆ ಬಿಟ್ಟು ಸ್ಪರ್ಧಾತ್ಮಕ ಪರೀಕ್ಷೆಗಳಲ್ಲಿ ಭಾಗವಹಿಸಬೇಕು. ಕಾಲೇಜಿನಲ್ಲಿ ಗ್ರಂಥಾಲಯ ಸೌಲಭ್ಯ ಸದುಪಯೋಗ ಪಡಿಸಿಕೊಳ್ಳಬೇಕು. ಪೋಷಕರು ಮಕ್ಕಳ ಶಿಕ್ಷಣಕ್ಕೆ ಆದ್ಯತೆ ನೀಡಬೇಕು ಎಂದರು. ಮುಖಂಡರು, ಕಾಲೇಜು ಅಭಿವೃದ್ಧಿ ಸಮಿತಿ ಸದಸ್ಯರು ಇದ್ದರು.
